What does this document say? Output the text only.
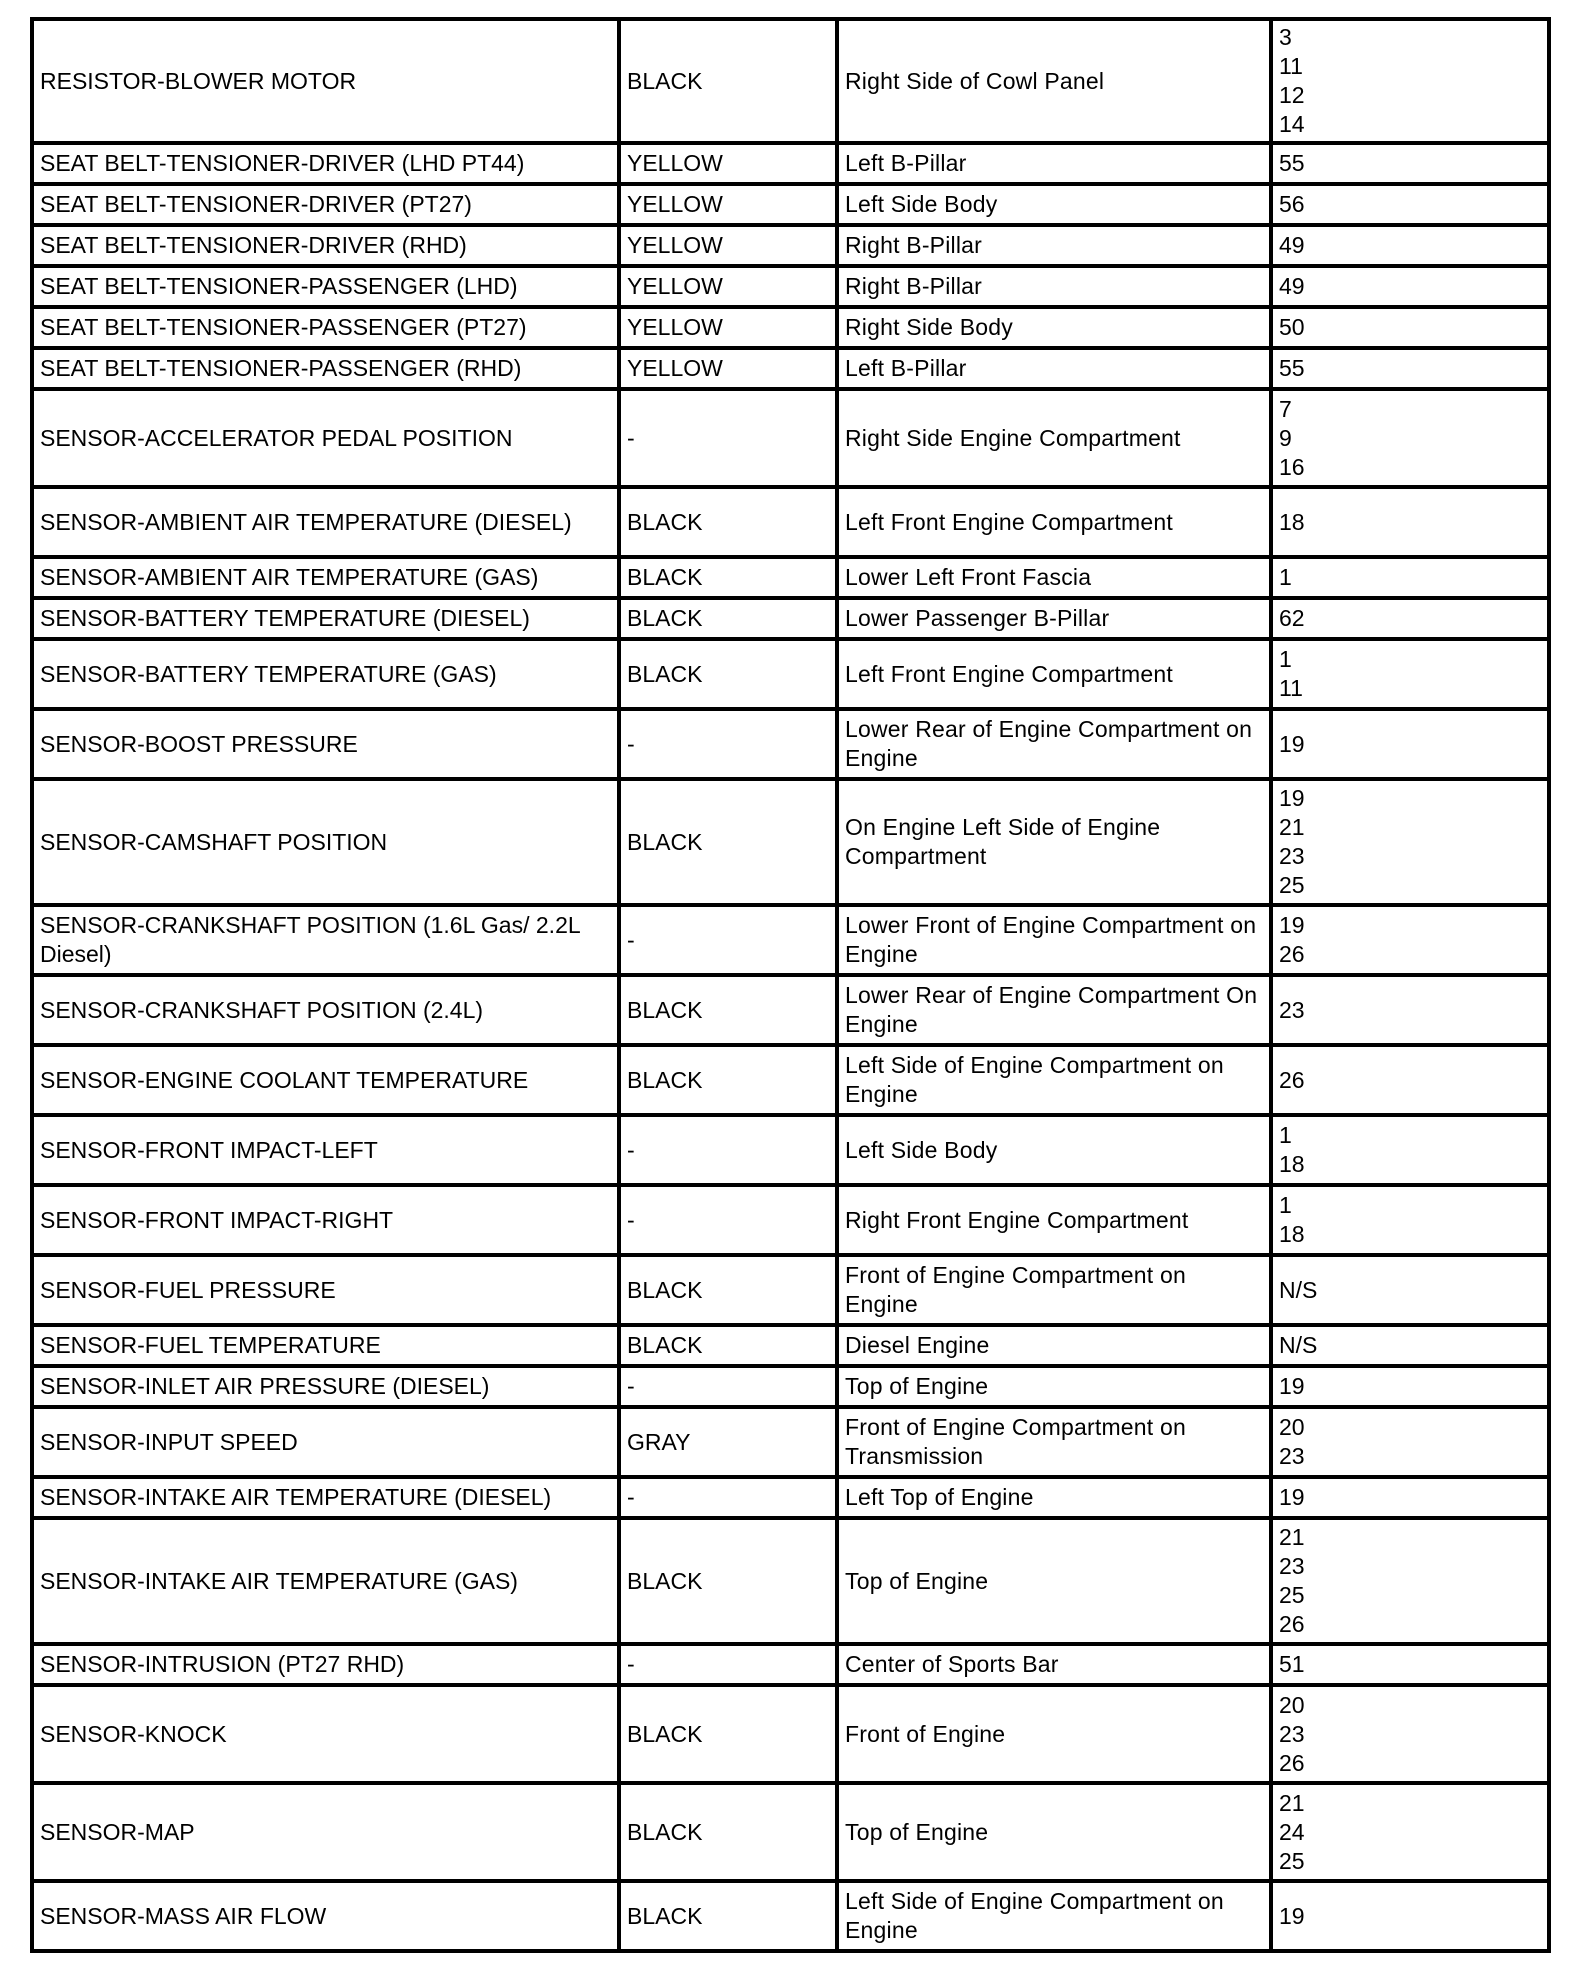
RESISTOR-BLOWER MOTOR	BLACK	Right Side of Cowl Panel	3
11
12
14

SEAT BELT-TENSIONER-DRIVER (LHD PT44)	YELLOW	Left B-Pillar	55

SEAT BELT-TENSIONER-DRIVER (PT27)	YELLOW	Left Side Body	56

SEAT BELT-TENSIONER-DRIVER (RHD)	YELLOW	Right B-Pillar	49

SEAT BELT-TENSIONER-PASSENGER (LHD)	YELLOW	Right B-Pillar	49

SEAT BELT-TENSIONER-PASSENGER (PT27)	YELLOW	Right Side Body	50

SEAT BELT-TENSIONER-PASSENGER (RHD)	YELLOW	Left B-Pillar	55

SENSOR-ACCELERATOR PEDAL POSITION	-	Right Side Engine Compartment	7
9
16

SENSOR-AMBIENT AIR TEMPERATURE (DIESEL)	BLACK	Left Front Engine Compartment	18

SENSOR-AMBIENT AIR TEMPERATURE (GAS)	BLACK	Lower Left Front Fascia	1

SENSOR-BATTERY TEMPERATURE (DIESEL)	BLACK	Lower Passenger B-Pillar	62

SENSOR-BATTERY TEMPERATURE (GAS)	BLACK	Left Front Engine Compartment	1
11

SENSOR-BOOST PRESSURE	-	Lower Rear of Engine Compartment on Engine	19

SENSOR-CAMSHAFT POSITION	BLACK	On Engine Left Side of Engine Compartment	19
21
23
25

SENSOR-CRANKSHAFT POSITION (1.6L Gas/ 2.2L Diesel)	-	Lower Front of Engine Compartment on Engine	19
26

SENSOR-CRANKSHAFT POSITION (2.4L)	BLACK	Lower Rear of Engine Compartment On Engine	23

SENSOR-ENGINE COOLANT TEMPERATURE	BLACK	Left Side of Engine Compartment on Engine	26

SENSOR-FRONT IMPACT-LEFT	-	Left Side Body	1
18

SENSOR-FRONT IMPACT-RIGHT	-	Right Front Engine Compartment	1
18

SENSOR-FUEL PRESSURE	BLACK	Front of Engine Compartment on Engine	N/S

SENSOR-FUEL TEMPERATURE	BLACK	Diesel Engine	N/S

SENSOR-INLET AIR PRESSURE (DIESEL)	-	Top of Engine	19

SENSOR-INPUT SPEED	GRAY	Front of Engine Compartment on Transmission	20
23

SENSOR-INTAKE AIR TEMPERATURE (DIESEL)	-	Left Top of Engine	19

SENSOR-INTAKE AIR TEMPERATURE (GAS)	BLACK	Top of Engine	21
23
25
26

SENSOR-INTRUSION (PT27 RHD)	-	Center of Sports Bar	51

SENSOR-KNOCK	BLACK	Front of Engine	20
23
26

SENSOR-MAP	BLACK	Top of Engine	21
24
25

SENSOR-MASS AIR FLOW	BLACK	Left Side of Engine Compartment on Engine	19
